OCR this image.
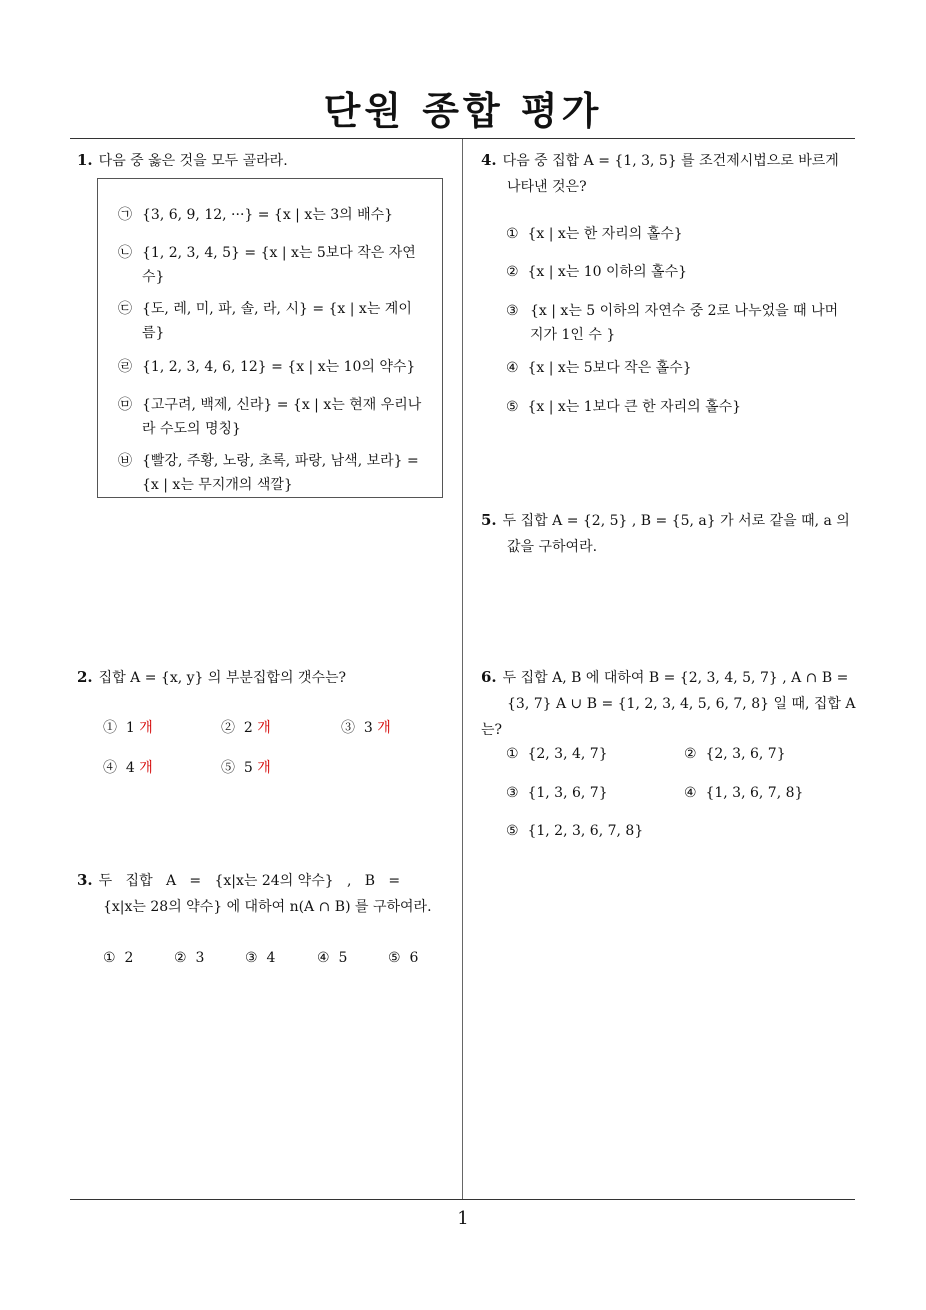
단원 종합 평가
1. 다음 중 옳은 것을 모두 골라라.
㉠ {3, 6, 9, 12, ···} = {x | x는 3의 배수}
㉡ {1, 2, 3, 4, 5} = {x | x는 5보다 작은 자연수}
㉢ {도, 레, 미, 파, 솔, 라, 시} = {x | x는 계이름}
㉣ {1, 2, 3, 4, 6, 12} = {x | x는 10의 약수}
㉤ {고구려, 백제, 신라} = {x | x는 현재 우리나라 수도의 명칭}
㉥ {빨강, 주황, 노랑, 초록, 파랑, 남색, 보라} = {x | x는 무지개의 색깔}
2. 집합 A = {x, y} 의 부분집합의 갯수는?
① 1 개	② 2 개	③ 3 개
④ 4 개	⑤ 5 개
3. 두   집합   A   =   {x|x는 24의 약수}   ,   B   =
{x|x는 28의 약수} 에 대하여 n(A ∩ B) 를 구하여라.
① 2	② 3	③ 4	④ 5	⑤ 6
4. 다음 중 집합 A = {1, 3, 5} 를 조건제시법으로 바르게
나타낸 것은?
① {x | x는 한 자리의 홀수}
② {x | x는 10 이하의 홀수}
③ {x | x는 5 이하의 자연수 중 2로 나누었을 때 나머지가 1인 수 }
④ {x | x는 5보다 작은 홀수}
⑤ {x | x는 1보다 큰 한 자리의 홀수}
5. 두 집합 A = {2, 5} , B = {5, a} 가 서로 같을 때, a 의
값을 구하여라.
6. 두 집합 A, B 에 대하여 B = {2, 3, 4, 5, 7} , A ∩ B =
{3, 7} A ∪ B = {1, 2, 3, 4, 5, 6, 7, 8} 일 때, 집합 A는?
① {2, 3, 4, 7}	② {2, 3, 6, 7}
③ {1, 3, 6, 7}	④ {1, 3, 6, 7, 8}
⑤ {1, 2, 3, 6, 7, 8}
1
